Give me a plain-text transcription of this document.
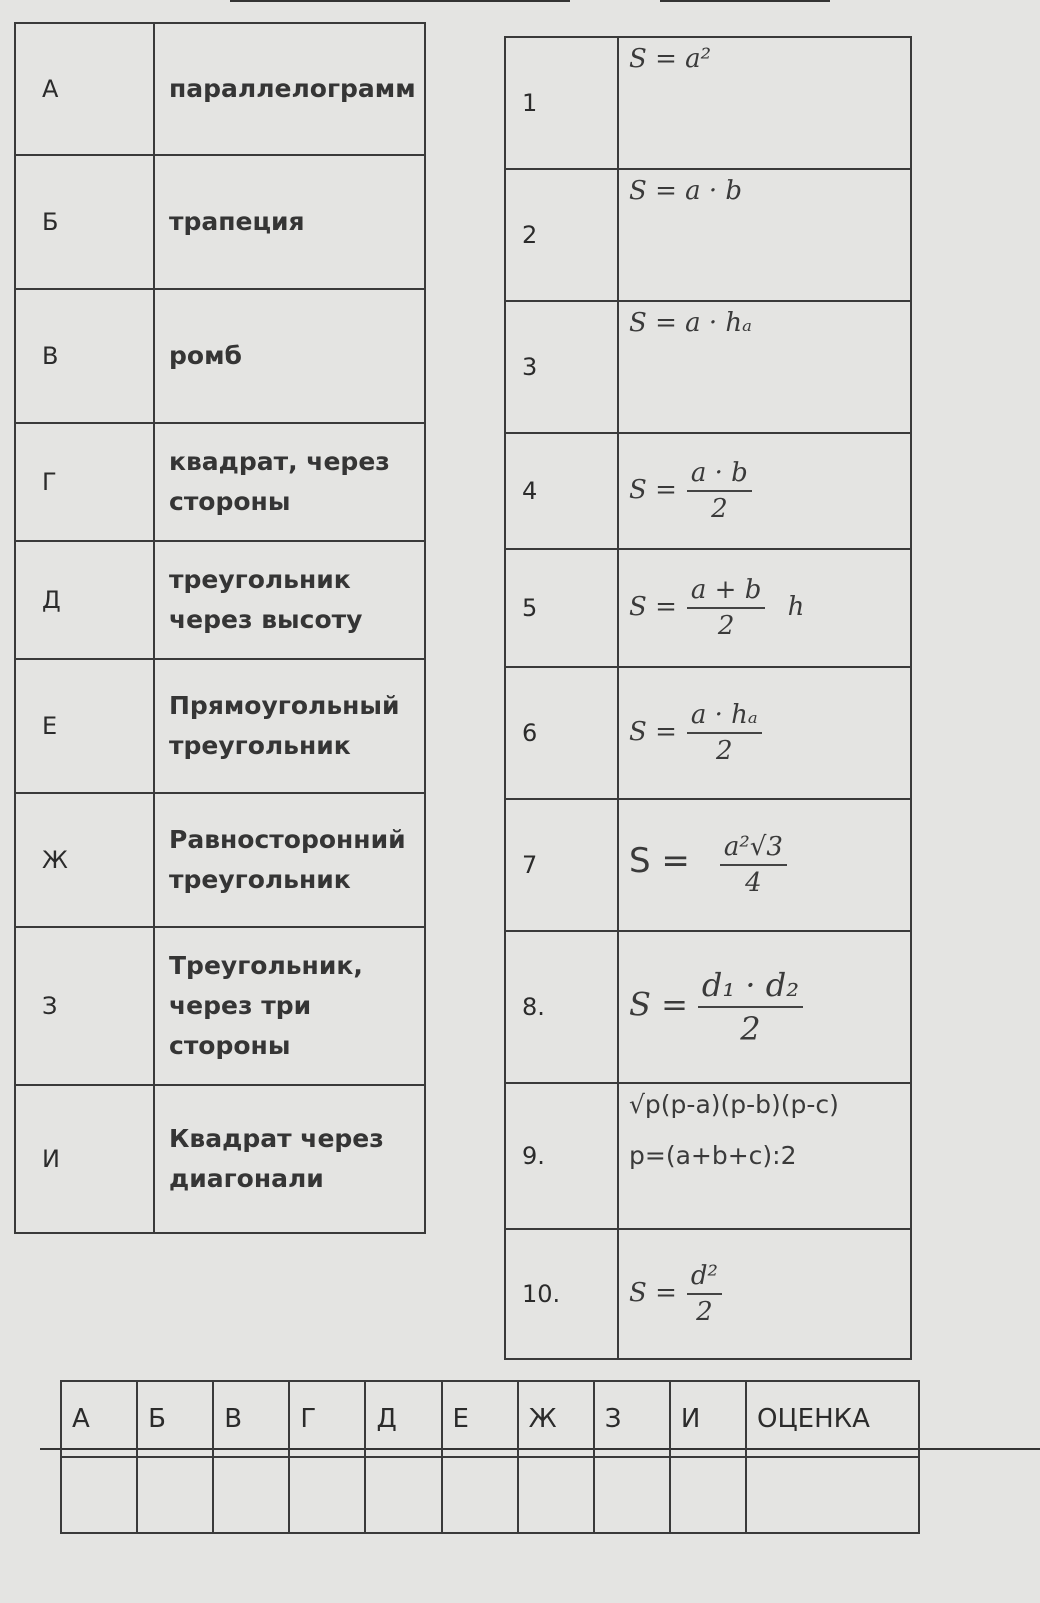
А	параллелограмм
Б	трапеция
В	ромб
Г	квадрат, через стороны
Д	треугольник через высоту
Е	Прямоугольный треугольник
Ж	Равносторонний треугольник
З	Треугольник, через три стороны
И	Квадрат через диагонали
1	S = a²
2	S = a · b
3	S = a · hₐ
4	$S = \frac{a \cdot b}{2}$

5	$S = \frac{a + b}{2}$ h
6	$S = \frac{\text{a · hₐ}}{2}$

7	$S = \frac{\text{a²√3}}{4}$

8.	$S = \frac{\text{d₁ · d₂}}{2}$

9.	√p(p-a)(p-b)(p-c)
p=(a+b+c):2

10.	$S = \frac{\text{d²}}{2}$
А	Б	В	Г	Д	Е	Ж	З	И	ОЦЕНКА
